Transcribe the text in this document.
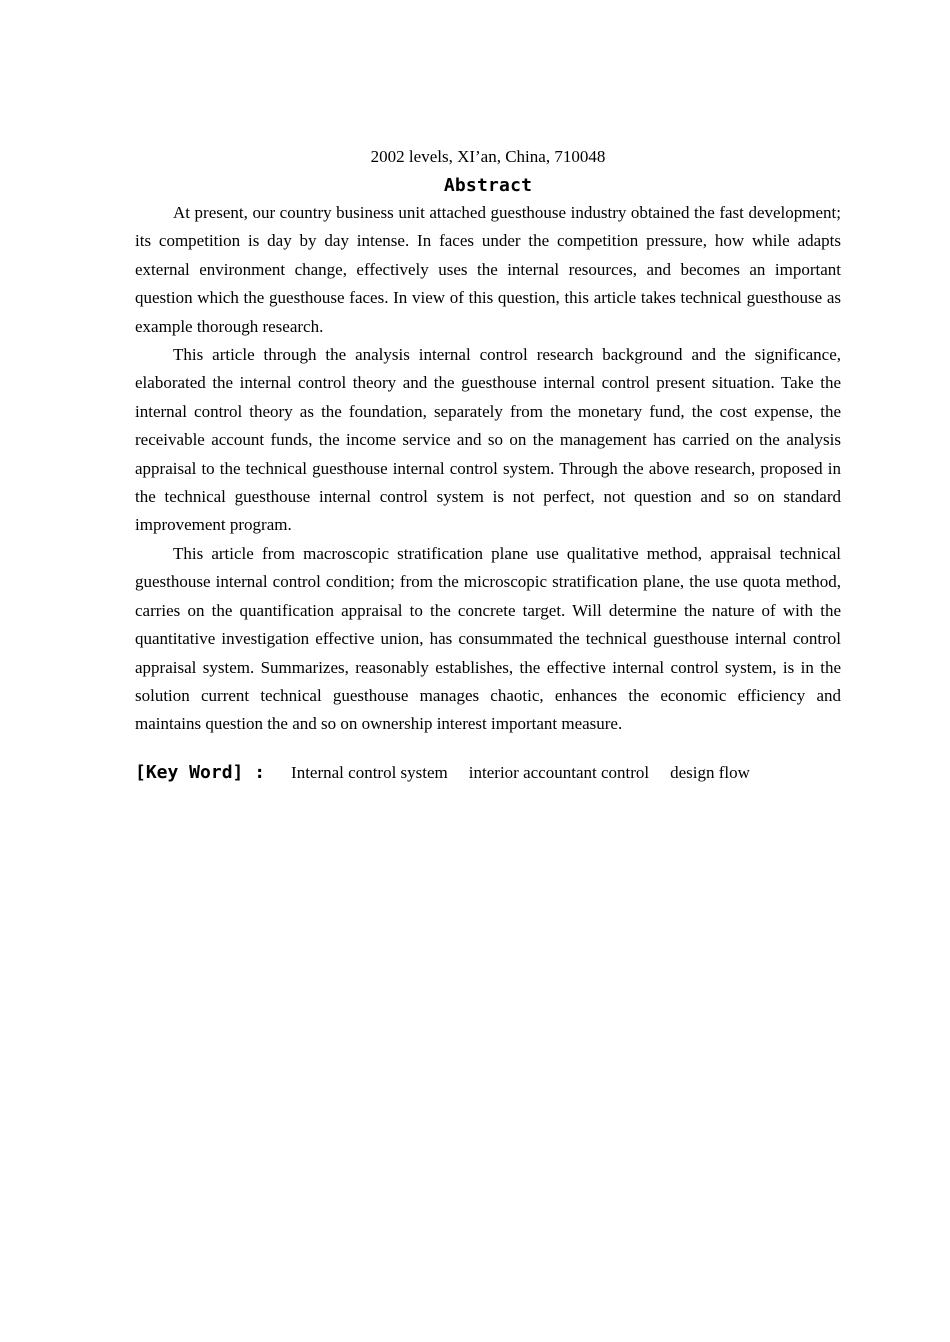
2002 levels, XI’an, China, 710048

Abstract

At present, our country business unit attached guesthouse industry obtained the fast development; its competition is day by day intense. In faces under the competition pressure, how while adapts external environment change, effectively uses the internal resources, and becomes an important question which the guesthouse faces. In view of this question, this article takes technical guesthouse as example thorough research.

This article through the analysis internal control research background and the significance, elaborated the internal control theory and the guesthouse internal control present situation. Take the internal control theory as the foundation, separately from the monetary fund, the cost expense, the receivable account funds, the income service and so on the management has carried on the analysis appraisal to the technical guesthouse internal control system. Through the above research, proposed in the technical guesthouse internal control system is not perfect, not question and so on standard improvement program.

This article from macroscopic stratification plane use qualitative method, appraisal technical guesthouse internal control condition; from the microscopic stratification plane, the use quota method, carries on the quantification appraisal to the concrete target. Will determine the nature of with the quantitative investigation effective union, has consummated the technical guesthouse internal control appraisal system. Summarizes, reasonably establishes, the effective internal control system, is in the solution current technical guesthouse manages chaotic, enhances the economic efficiency and maintains question the and so on ownership interest important measure.

[Key Word] : Internal control system interior accountant control design flow
